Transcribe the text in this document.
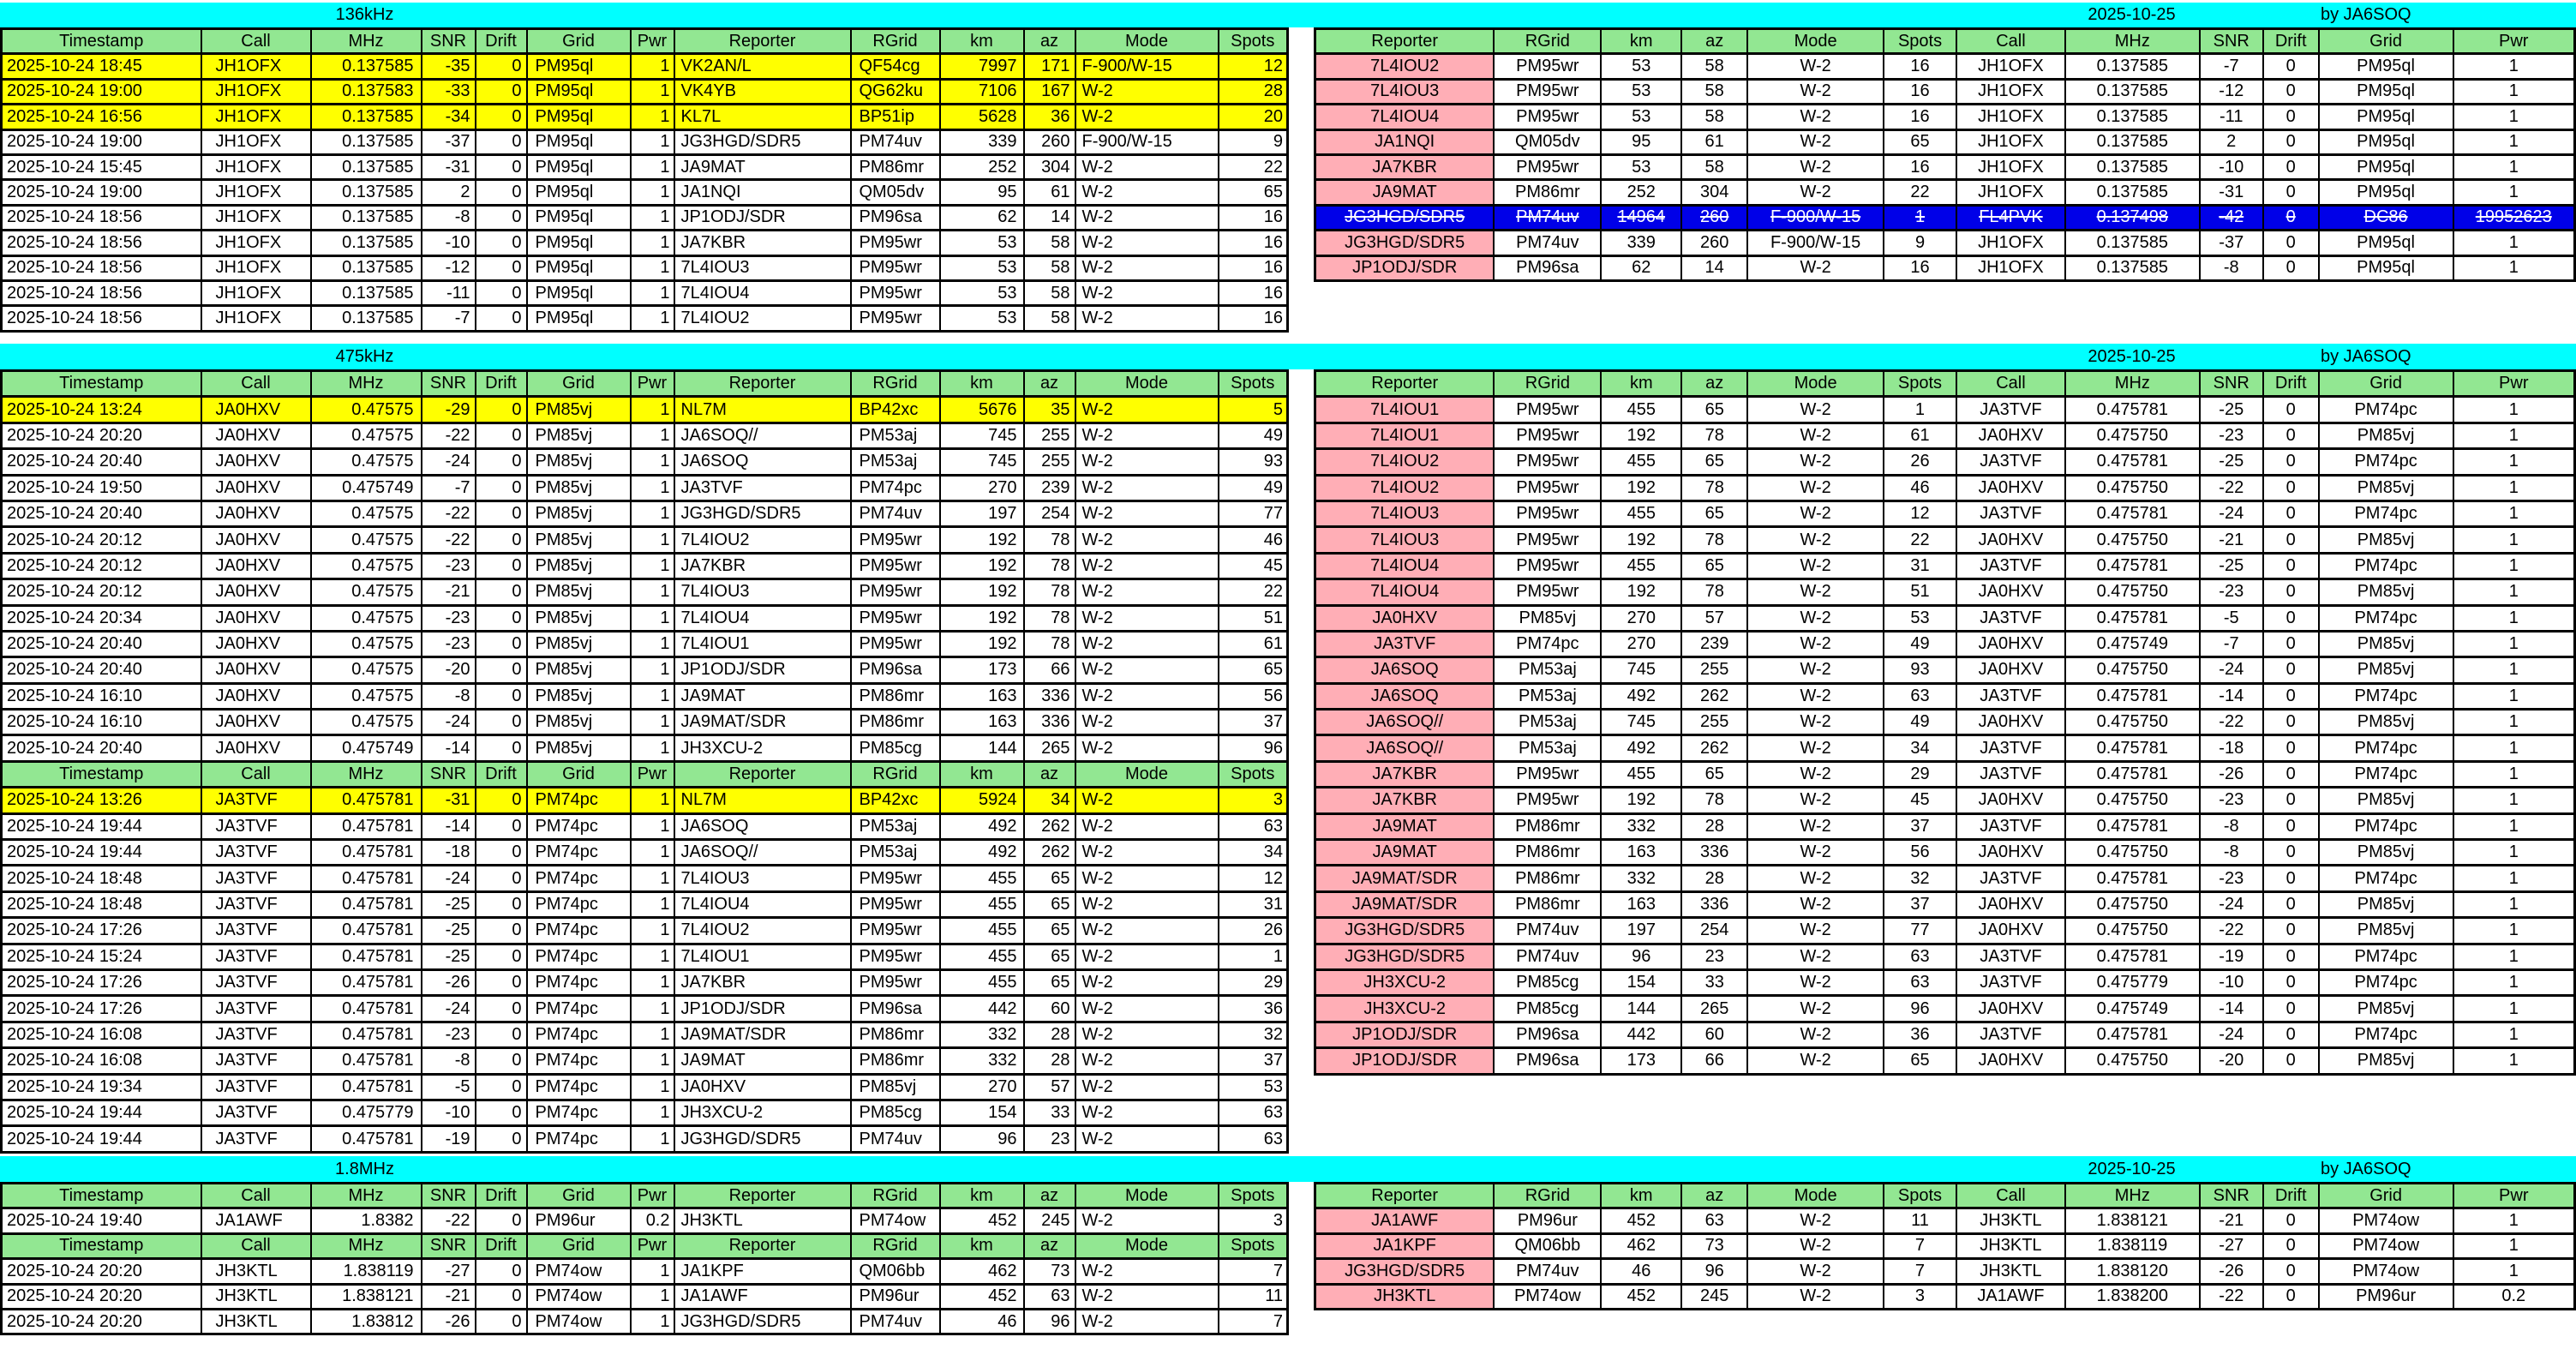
136kHz	2025-10-25	by JA6SOQ
475kHz	2025-10-25	by JA6SOQ
1.8MHz	2025-10-25	by JA6SOQ
Timestamp	Call	MHz	SNR	Drift	Grid	Pwr	Reporter	RGrid	km	az	Mode	Spots
2025-10-24 18:45	JH1OFX	0.137585	-35	0	PM95ql	1	VK2AN/L	QF54cg	7997	171	F-900/W-15	12
2025-10-24 19:00	JH1OFX	0.137583	-33	0	PM95ql	1	VK4YB	QG62ku	7106	167	W-2	28
2025-10-24 16:56	JH1OFX	0.137585	-34	0	PM95ql	1	KL7L	BP51ip	5628	36	W-2	20
2025-10-24 19:00	JH1OFX	0.137585	-37	0	PM95ql	1	JG3HGD/SDR5	PM74uv	339	260	F-900/W-15	9
2025-10-24 15:45	JH1OFX	0.137585	-31	0	PM95ql	1	JA9MAT	PM86mr	252	304	W-2	22
2025-10-24 19:00	JH1OFX	0.137585	2	0	PM95ql	1	JA1NQI	QM05dv	95	61	W-2	65
2025-10-24 18:56	JH1OFX	0.137585	-8	0	PM95ql	1	JP1ODJ/SDR	PM96sa	62	14	W-2	16
2025-10-24 18:56	JH1OFX	0.137585	-10	0	PM95ql	1	JA7KBR	PM95wr	53	58	W-2	16
2025-10-24 18:56	JH1OFX	0.137585	-12	0	PM95ql	1	7L4IOU3	PM95wr	53	58	W-2	16
2025-10-24 18:56	JH1OFX	0.137585	-11	0	PM95ql	1	7L4IOU4	PM95wr	53	58	W-2	16
2025-10-24 18:56	JH1OFX	0.137585	-7	0	PM95ql	1	7L4IOU2	PM95wr	53	58	W-2	16
Timestamp	Call	MHz	SNR	Drift	Grid	Pwr	Reporter	RGrid	km	az	Mode	Spots
2025-10-24 13:24	JA0HXV	0.47575	-29	0	PM85vj	1	NL7M	BP42xc	5676	35	W-2	5
2025-10-24 20:20	JA0HXV	0.47575	-22	0	PM85vj	1	JA6SOQ//	PM53aj	745	255	W-2	49
2025-10-24 20:40	JA0HXV	0.47575	-24	0	PM85vj	1	JA6SOQ	PM53aj	745	255	W-2	93
2025-10-24 19:50	JA0HXV	0.475749	-7	0	PM85vj	1	JA3TVF	PM74pc	270	239	W-2	49
2025-10-24 20:40	JA0HXV	0.47575	-22	0	PM85vj	1	JG3HGD/SDR5	PM74uv	197	254	W-2	77
2025-10-24 20:12	JA0HXV	0.47575	-22	0	PM85vj	1	7L4IOU2	PM95wr	192	78	W-2	46
2025-10-24 20:12	JA0HXV	0.47575	-23	0	PM85vj	1	JA7KBR	PM95wr	192	78	W-2	45
2025-10-24 20:12	JA0HXV	0.47575	-21	0	PM85vj	1	7L4IOU3	PM95wr	192	78	W-2	22
2025-10-24 20:34	JA0HXV	0.47575	-23	0	PM85vj	1	7L4IOU4	PM95wr	192	78	W-2	51
2025-10-24 20:40	JA0HXV	0.47575	-23	0	PM85vj	1	7L4IOU1	PM95wr	192	78	W-2	61
2025-10-24 20:40	JA0HXV	0.47575	-20	0	PM85vj	1	JP1ODJ/SDR	PM96sa	173	66	W-2	65
2025-10-24 16:10	JA0HXV	0.47575	-8	0	PM85vj	1	JA9MAT	PM86mr	163	336	W-2	56
2025-10-24 16:10	JA0HXV	0.47575	-24	0	PM85vj	1	JA9MAT/SDR	PM86mr	163	336	W-2	37
2025-10-24 20:40	JA0HXV	0.475749	-14	0	PM85vj	1	JH3XCU-2	PM85cg	144	265	W-2	96
Timestamp	Call	MHz	SNR	Drift	Grid	Pwr	Reporter	RGrid	km	az	Mode	Spots
2025-10-24 13:26	JA3TVF	0.475781	-31	0	PM74pc	1	NL7M	BP42xc	5924	34	W-2	3
2025-10-24 19:44	JA3TVF	0.475781	-14	0	PM74pc	1	JA6SOQ	PM53aj	492	262	W-2	63
2025-10-24 19:44	JA3TVF	0.475781	-18	0	PM74pc	1	JA6SOQ//	PM53aj	492	262	W-2	34
2025-10-24 18:48	JA3TVF	0.475781	-24	0	PM74pc	1	7L4IOU3	PM95wr	455	65	W-2	12
2025-10-24 18:48	JA3TVF	0.475781	-25	0	PM74pc	1	7L4IOU4	PM95wr	455	65	W-2	31
2025-10-24 17:26	JA3TVF	0.475781	-25	0	PM74pc	1	7L4IOU2	PM95wr	455	65	W-2	26
2025-10-24 15:24	JA3TVF	0.475781	-25	0	PM74pc	1	7L4IOU1	PM95wr	455	65	W-2	1
2025-10-24 17:26	JA3TVF	0.475781	-26	0	PM74pc	1	JA7KBR	PM95wr	455	65	W-2	29
2025-10-24 17:26	JA3TVF	0.475781	-24	0	PM74pc	1	JP1ODJ/SDR	PM96sa	442	60	W-2	36
2025-10-24 16:08	JA3TVF	0.475781	-23	0	PM74pc	1	JA9MAT/SDR	PM86mr	332	28	W-2	32
2025-10-24 16:08	JA3TVF	0.475781	-8	0	PM74pc	1	JA9MAT	PM86mr	332	28	W-2	37
2025-10-24 19:34	JA3TVF	0.475781	-5	0	PM74pc	1	JA0HXV	PM85vj	270	57	W-2	53
2025-10-24 19:44	JA3TVF	0.475779	-10	0	PM74pc	1	JH3XCU-2	PM85cg	154	33	W-2	63
2025-10-24 19:44	JA3TVF	0.475781	-19	0	PM74pc	1	JG3HGD/SDR5	PM74uv	96	23	W-2	63
Timestamp	Call	MHz	SNR	Drift	Grid	Pwr	Reporter	RGrid	km	az	Mode	Spots
2025-10-24 19:40	JA1AWF	1.8382	-22	0	PM96ur	0.2	JH3KTL	PM74ow	452	245	W-2	3
Timestamp	Call	MHz	SNR	Drift	Grid	Pwr	Reporter	RGrid	km	az	Mode	Spots
2025-10-24 20:20	JH3KTL	1.838119	-27	0	PM74ow	1	JA1KPF	QM06bb	462	73	W-2	7
2025-10-24 20:20	JH3KTL	1.838121	-21	0	PM74ow	1	JA1AWF	PM96ur	452	63	W-2	11
2025-10-24 20:20	JH3KTL	1.83812	-26	0	PM74ow	1	JG3HGD/SDR5	PM74uv	46	96	W-2	7
Reporter	RGrid	km	az	Mode	Spots	Call	MHz	SNR	Drift	Grid	Pwr
7L4IOU2	PM95wr	53	58	W-2	16	JH1OFX	0.137585	-7	0	PM95ql	1
7L4IOU3	PM95wr	53	58	W-2	16	JH1OFX	0.137585	-12	0	PM95ql	1
7L4IOU4	PM95wr	53	58	W-2	16	JH1OFX	0.137585	-11	0	PM95ql	1
JA1NQI	QM05dv	95	61	W-2	65	JH1OFX	0.137585	2	0	PM95ql	1
JA7KBR	PM95wr	53	58	W-2	16	JH1OFX	0.137585	-10	0	PM95ql	1
JA9MAT	PM86mr	252	304	W-2	22	JH1OFX	0.137585	-31	0	PM95ql	1
JG3HGD/SDR5	PM74uv	14964	260	F-900/W-15	1	FL4PVK	0.137498	-42	0	DC86	19952623
JG3HGD/SDR5	PM74uv	339	260	F-900/W-15	9	JH1OFX	0.137585	-37	0	PM95ql	1
JP1ODJ/SDR	PM96sa	62	14	W-2	16	JH1OFX	0.137585	-8	0	PM95ql	1
Reporter	RGrid	km	az	Mode	Spots	Call	MHz	SNR	Drift	Grid	Pwr
7L4IOU1	PM95wr	455	65	W-2	1	JA3TVF	0.475781	-25	0	PM74pc	1
7L4IOU1	PM95wr	192	78	W-2	61	JA0HXV	0.475750	-23	0	PM85vj	1
7L4IOU2	PM95wr	455	65	W-2	26	JA3TVF	0.475781	-25	0	PM74pc	1
7L4IOU2	PM95wr	192	78	W-2	46	JA0HXV	0.475750	-22	0	PM85vj	1
7L4IOU3	PM95wr	455	65	W-2	12	JA3TVF	0.475781	-24	0	PM74pc	1
7L4IOU3	PM95wr	192	78	W-2	22	JA0HXV	0.475750	-21	0	PM85vj	1
7L4IOU4	PM95wr	455	65	W-2	31	JA3TVF	0.475781	-25	0	PM74pc	1
7L4IOU4	PM95wr	192	78	W-2	51	JA0HXV	0.475750	-23	0	PM85vj	1
JA0HXV	PM85vj	270	57	W-2	53	JA3TVF	0.475781	-5	0	PM74pc	1
JA3TVF	PM74pc	270	239	W-2	49	JA0HXV	0.475749	-7	0	PM85vj	1
JA6SOQ	PM53aj	745	255	W-2	93	JA0HXV	0.475750	-24	0	PM85vj	1
JA6SOQ	PM53aj	492	262	W-2	63	JA3TVF	0.475781	-14	0	PM74pc	1
JA6SOQ//	PM53aj	745	255	W-2	49	JA0HXV	0.475750	-22	0	PM85vj	1
JA6SOQ//	PM53aj	492	262	W-2	34	JA3TVF	0.475781	-18	0	PM74pc	1
JA7KBR	PM95wr	455	65	W-2	29	JA3TVF	0.475781	-26	0	PM74pc	1
JA7KBR	PM95wr	192	78	W-2	45	JA0HXV	0.475750	-23	0	PM85vj	1
JA9MAT	PM86mr	332	28	W-2	37	JA3TVF	0.475781	-8	0	PM74pc	1
JA9MAT	PM86mr	163	336	W-2	56	JA0HXV	0.475750	-8	0	PM85vj	1
JA9MAT/SDR	PM86mr	332	28	W-2	32	JA3TVF	0.475781	-23	0	PM74pc	1
JA9MAT/SDR	PM86mr	163	336	W-2	37	JA0HXV	0.475750	-24	0	PM85vj	1
JG3HGD/SDR5	PM74uv	197	254	W-2	77	JA0HXV	0.475750	-22	0	PM85vj	1
JG3HGD/SDR5	PM74uv	96	23	W-2	63	JA3TVF	0.475781	-19	0	PM74pc	1
JH3XCU-2	PM85cg	154	33	W-2	63	JA3TVF	0.475779	-10	0	PM74pc	1
JH3XCU-2	PM85cg	144	265	W-2	96	JA0HXV	0.475749	-14	0	PM85vj	1
JP1ODJ/SDR	PM96sa	442	60	W-2	36	JA3TVF	0.475781	-24	0	PM74pc	1
JP1ODJ/SDR	PM96sa	173	66	W-2	65	JA0HXV	0.475750	-20	0	PM85vj	1
Reporter	RGrid	km	az	Mode	Spots	Call	MHz	SNR	Drift	Grid	Pwr
JA1AWF	PM96ur	452	63	W-2	11	JH3KTL	1.838121	-21	0	PM74ow	1
JA1KPF	QM06bb	462	73	W-2	7	JH3KTL	1.838119	-27	0	PM74ow	1
JG3HGD/SDR5	PM74uv	46	96	W-2	7	JH3KTL	1.838120	-26	0	PM74ow	1
JH3KTL	PM74ow	452	245	W-2	3	JA1AWF	1.838200	-22	0	PM96ur	0.2
